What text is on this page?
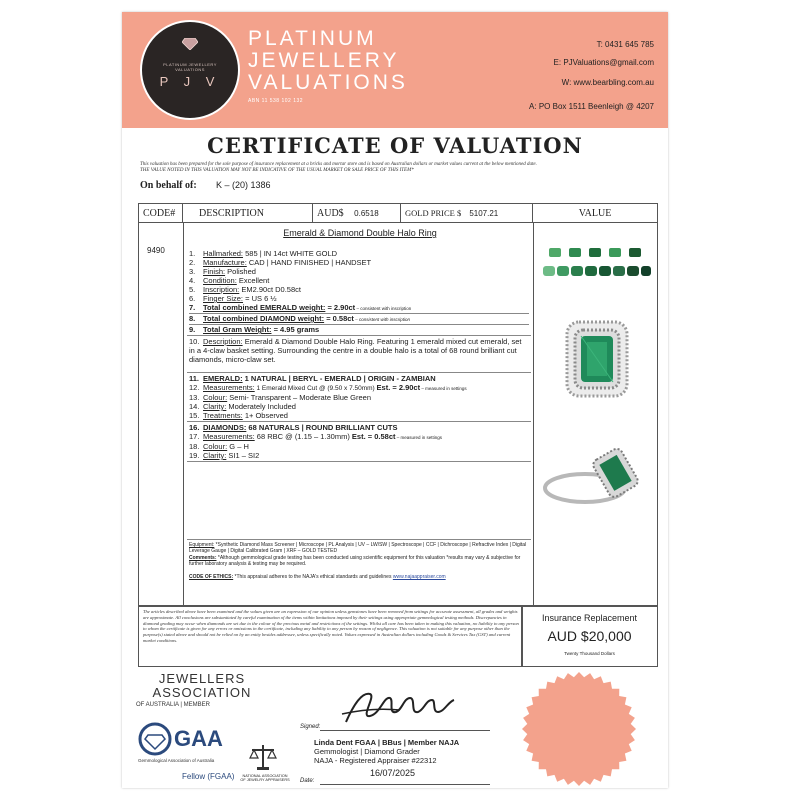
PLATINUM JEWELLERY VALUATIONS
P J V
PLATINUM
JEWELLERY
VALUATIONS
ABN 11 538 102 132
T: 0431 645 785
E: PJValuations@gmail.com
W: www.bearbling.com.au
A: PO Box 1511 Beenleigh @ 4207
CERTIFICATE OF VALUATION
This valuation has been prepared for the sole purpose of insurance replacement at a bricks and mortar store and is based on Australian dollars or market values current at the below mentioned date.
THE VALUE NOTED IN THIS VALUATION MAY NOT BE INDICATIVE OF THE USUAL MARKET OR SALE PRICE OF THIS ITEM*
On behalf of: K – (20) 1386
CODE#	DESCRIPTION	AUD$ 0.6518	GOLD PRICE $ 5107.21	VALUE
9490
Emerald & Diamond Double Halo Ring
1. Hallmarked: 585 | IN 14ct WHITE GOLD
2. Manufacture: CAD | HAND FINISHED | HANDSET
3. Finish: Polished
4. Condition: Excellent
5. Inscription: EM2.90ct D0.58ct
6. Finger Size: = US 6 ½
7. Total combined EMERALD weight: = 2.90ct – consistent with inscription
8. Total combined DIAMOND weight: = 0.58ct – consistent with inscription
9. Total Gram Weight: = 4.95 grams
10. Description: Emerald & Diamond Double Halo Ring. Featuring 1 emerald mixed cut emerald, set in a 4-claw basket setting. Surrounding the centre in a double halo is a total of 68 round brilliant cut diamonds, micro-claw set.
11. EMERALD: 1 NATURAL | BERYL - EMERALD | ORIGIN - ZAMBIAN
12. Measurements: 1 Emerald Mixed Cut @ (9.50 x 7.50mm) Est. = 2.90ct – measured in settings
13. Colour: Semi- Transparent – Moderate Blue Green
14. Clarity: Moderately Included
15. Treatments: 1+ Observed
16. DIAMONDS: 68 NATURALS | ROUND BRILLIANT CUTS
17. Measurements: 68 RBC @ (1.15 – 1.30mm) Est. = 0.58ct – measured in settings
18. Colour: G – H
19. Clarity: SI1 – SI2
Equipment: *Synthetic Diamond Mass Screener | Microscope | PL Analysis | UV – LW/SW | Spectroscope | CCF | Dichroscope | Refractive Index | Digital Leverage Gauge | Digital Calibrated Gram | XRF – GOLD TESTED
Comments: *Although gemmological grade testing has been conducted using scientific equipment for this valuation *results may vary & subjective for further laboratory analysis & testing may be required.
CODE OF ETHICS: *This appraisal adheres to the NAJA's ethical standards and guidelines www.najaappraiser.com
The articles described above have been examined and the values given are an expression of our opinion unless gemstones have been removed from settings for accurate assessment, all grades and weights are approximate. All conclusions are substantiated by careful examination of the items within limitations imposed by their settings using appropriate gemmological testing methods. Discrepancies in diamond grading may occur when diamonds are set due to the colour of the precious metal and restrictions of the settings. Whilst all care has been taken in making this valuation, no liability to any person to whom the certificate is given for any errors or omissions in the certificate, including any liability to any person by reason of negligence. This valuation is not suitable for any purpose other than the purpose(s) stated above and should not be relied on by an entity besides addressee, unless specifically noted. Values expressed in Australian dollars including Goods & Services Tax (GST) and current market conditions.
Insurance Replacement
AUD $20,000
Twenty Thousand Dollars
JEWELLERS
ASSOCIATION
OF AUSTRALIA | MEMBER
GAA
Gemmological Association of Australia
Fellow (FGAA)	NATIONAL ASSOCIATION OF JEWELRY APPRAISERS
Signed:
Linda Dent FGAA | BBus | Member NAJA
Gemmologist | Diamond Grader
NAJA - Registered Appraiser #22312
Date:
16/07/2025
